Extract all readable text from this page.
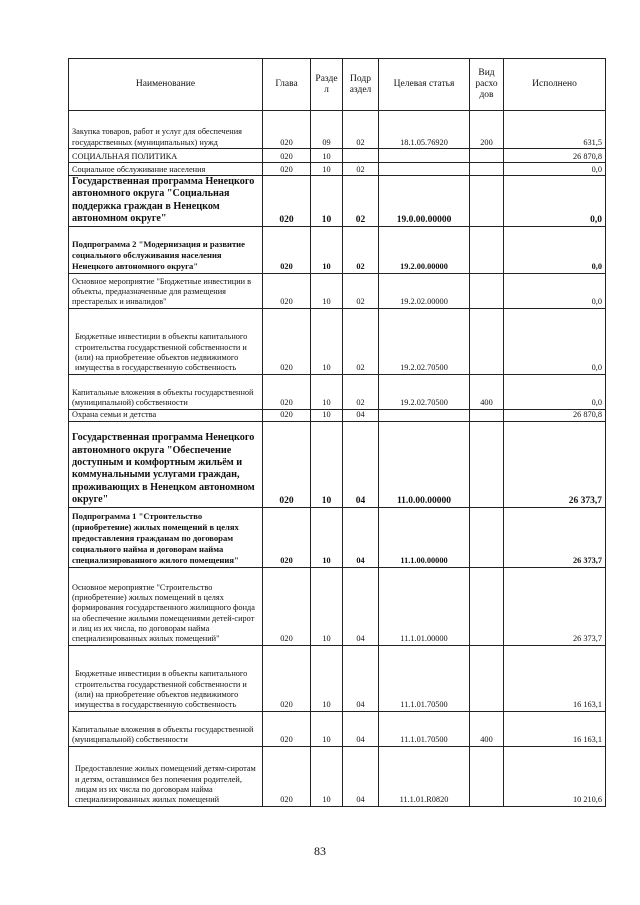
Наименование	Глава	Разде л	Подр аздел	Целевая статья	Вид расхо дов	Исполнено
Закупка товаров, работ и услуг для обеспечения государственных (муниципальных) нужд	020	09	02	18.1.05.76920	200	631,5
СОЦИАЛЬНАЯ ПОЛИТИКА	020	10				26 870,8
Социальное обслуживание населения	020	10	02			0,0
Государственная программа Ненецкого автономного округа "Социальная поддержка граждан в Ненецком автономном округе"	020	10	02	19.0.00.00000		0,0
Подпрограмма 2 "Модернизация и развитие социального обслуживания населения Ненецкого автономного округа"	020	10	02	19.2.00.00000		0,0
Основное мероприятие "Бюджетные инвестиции в объекты, предназначенные для размещения престарелых и инвалидов"	020	10	02	19.2.02.00000		0,0
Бюджетные инвестиции в объекты капитального строительства государственной собственности и (или) на приобретение объектов недвижимого имущества в государственную собственность	020	10	02	19.2.02.70500		0,0
Капитальные вложения в объекты государственной (муниципальной) собственности	020	10	02	19.2.02.70500	400	0,0
Охрана семьи и детства	020	10	04			26 870,8
Государственная программа Ненецкого автономного округа "Обеспечение доступным и комфортным жильём и коммунальными услугами граждан, проживающих в Ненецком автономном округе"	020	10	04	11.0.00.00000		26 373,7
Подпрограмма 1 "Строительство (приобретение) жилых помещений в целях предоставления гражданам по договорам социального найма и договорам найма специализированного жилого помещения"	020	10	04	11.1.00.00000		26 373,7
Основное мероприятие "Строительство (приобретение) жилых помещений в целях формирования государственного жилищного фонда на обеспечение жилыми помещениями детей-сирот и лиц из их числа, по договорам найма специализированных жилых помещений"	020	10	04	11.1.01.00000		26 373,7
Бюджетные инвестиции в объекты капитального строительства государственной собственности и (или) на приобретение объектов недвижимого имущества в государственную собственность	020	10	04	11.1.01.70500		16 163,1
Капитальные вложения в объекты государственной (муниципальной) собственности	020	10	04	11.1.01.70500	400	16 163,1
Предоставление жилых помещений детям-сиротам и детям, оставшимся без попечения родителей, лицам из их числа по договорам найма специализированных жилых помещений	020	10	04	11.1.01.R0820		10 210,6
83
